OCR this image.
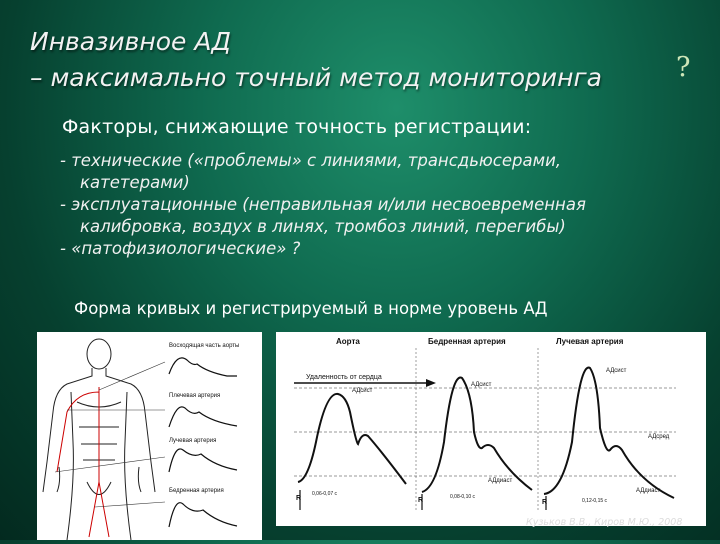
Инвазивное АД
– максимально точный метод мониторинга	?
Факторы, снижающие точность регистрации:
- технические («проблемы» с линиями, трансдьюсерами,
катетерами)
- эксплуатационные (неправильная и/или несвоевременная
калибровка, воздух в линях, тромбоз линий, перегибы)
- «патофизиологические» ?
Форма кривых и регистрируемый в норме уровень АД
Восходящая часть аорты
Плечевая артерия
Лучевая артерия
Бедренная артерия
Аорта	Бедренная артерия	Лучевая артерия
Удаленность от сердца
R	R	R
0,06-0,07 с	0,08-0,10 с
0,12-0,15 с
АДсист
АДсист
АДсист
АДсред
АДдиаст
АДдиаст
Кузьков В.В., Киров М.Ю., 2008
